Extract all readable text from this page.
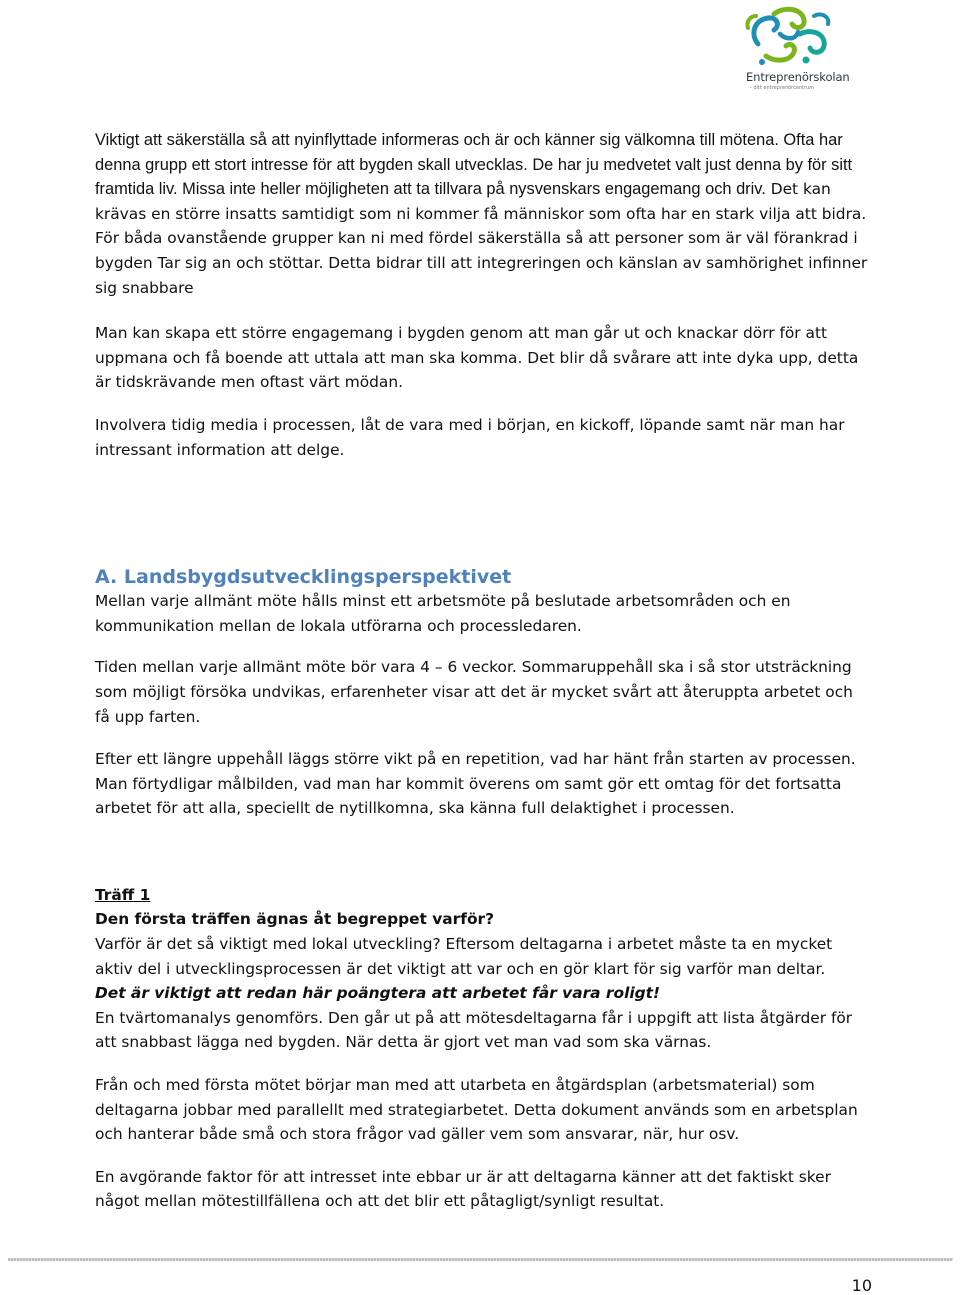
Entreprenörskolan
- ditt entreprenörcentrum

Viktigt att säkerställa så att nyinflyttade informeras och är och känner sig välkomna till mötena. Ofta har denna grupp ett stort intresse för att bygden skall utvecklas. De har ju medvetet valt just denna by för sitt framtida liv. Missa inte heller möjligheten att ta tillvara på nysvenskars engagemang och driv. Det kan krävas en större insatts samtidigt som ni kommer få människor som ofta har en stark vilja att bidra. För båda ovanstående grupper kan ni med fördel säkerställa så att personer som är väl förankrad i bygden Tar sig an och stöttar. Detta bidrar till att integreringen och känslan av samhörighet infinner sig snabbare

Man kan skapa ett större engagemang i bygden genom att man går ut och knackar dörr för att uppmana och få boende att uttala att man ska komma. Det blir då svårare att inte dyka upp, detta är tidskrävande men oftast värt mödan.

Involvera tidig media i processen, låt de vara med i början, en kickoff, löpande samt när man har intressant information att delge.

A. Landsbygdsutvecklingsperspektivet

Mellan varje allmänt möte hålls minst ett arbetsmöte på beslutade arbetsområden och en kommunikation mellan de lokala utförarna och processledaren.

Tiden mellan varje allmänt möte bör vara 4 – 6 veckor. Sommaruppehåll ska i så stor utsträckning som möjligt försöka undvikas, erfarenheter visar att det är mycket svårt att återuppta arbetet och få upp farten.

Efter ett längre uppehåll läggs större vikt på en repetition, vad har hänt från starten av processen. Man förtydligar målbilden, vad man har kommit överens om samt gör ett omtag för det fortsatta arbetet för att alla, speciellt de nytillkomna, ska känna full delaktighet i processen.

Träff 1

Den första träffen ägnas åt begreppet varför?

Varför är det så viktigt med lokal utveckling? Eftersom deltagarna i arbetet måste ta en mycket aktiv del i utvecklingsprocessen är det viktigt att var och en gör klart för sig varför man deltar.

Det är viktigt att redan här poängtera att arbetet får vara roligt!

En tvärtomanalys genomförs. Den går ut på att mötesdeltagarna får i uppgift att lista åtgärder för att snabbast lägga ned bygden. När detta är gjort vet man vad som ska värnas.

Från och med första mötet börjar man med att utarbeta en åtgärdsplan (arbetsmaterial) som deltagarna jobbar med parallellt med strategiarbetet. Detta dokument används som en arbetsplan och hanterar både små och stora frågor vad gäller vem som ansvarar, när, hur osv.

En avgörande faktor för att intresset inte ebbar ur är att deltagarna känner att det faktiskt sker något mellan mötestillfällena och att det blir ett påtagligt/synligt resultat.

10
